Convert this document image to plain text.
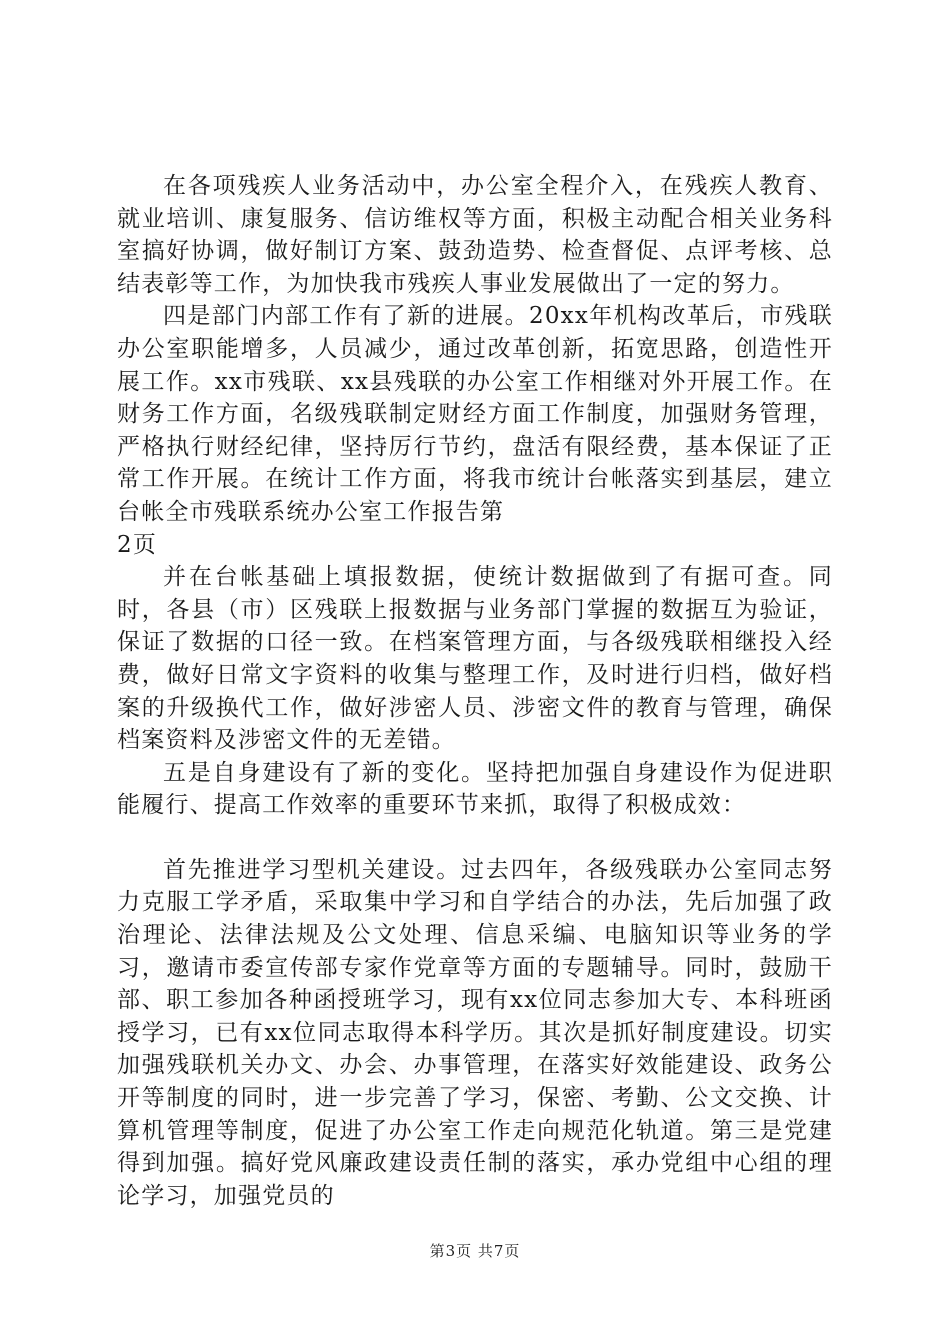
在各项残疾人业务活动中，办公室全程介入，在残疾人教育、就业培训、康复服务、信访维权等方面，积极主动配合相关业务科室搞好协调，做好制订方案、鼓劲造势、检查督促、点评考核、总结表彰等工作，为加快我市残疾人事业发展做出了一定的努力。

四是部门内部工作有了新的进展。20xx年机构改革后，市残联办公室职能增多，人员减少，通过改革创新，拓宽思路，创造性开展工作。xx市残联、xx县残联的办公室工作相继对外开展工作。在财务工作方面，名级残联制定财经方面工作制度，加强财务管理，严格执行财经纪律，坚持厉行节约，盘活有限经费，基本保证了正常工作开展。在统计工作方面，将我市统计台帐落实到基层，建立台帐全市残联系统办公室工作报告第

2页

并在台帐基础上填报数据，使统计数据做到了有据可查。同时，各县（市）区残联上报数据与业务部门掌握的数据互为验证，保证了数据的口径一致。在档案管理方面，与各级残联相继投入经费，做好日常文字资料的收集与整理工作，及时进行归档，做好档案的升级换代工作，做好涉密人员、涉密文件的教育与管理，确保档案资料及涉密文件的无差错。

五是自身建设有了新的变化。坚持把加强自身建设作为促进职能履行、提高工作效率的重要环节来抓，取得了积极成效：

首先推进学习型机关建设。过去四年，各级残联办公室同志努力克服工学矛盾，采取集中学习和自学结合的办法，先后加强了政治理论、法律法规及公文处理、信息采编、电脑知识等业务的学习，邀请市委宣传部专家作党章等方面的专题辅导。同时，鼓励干部、职工参加各种函授班学习，现有xx位同志参加大专、本科班函授学习，已有xx位同志取得本科学历。其次是抓好制度建设。切实加强残联机关办文、办会、办事管理，在落实好效能建设、政务公开等制度的同时，进一步完善了学习，保密、考勤、公文交换、计算机管理等制度，促进了办公室工作走向规范化轨道。第三是党建得到加强。搞好党风廉政建设责任制的落实，承办党组中心组的理论学习，加强党员的

第3页 共7页
